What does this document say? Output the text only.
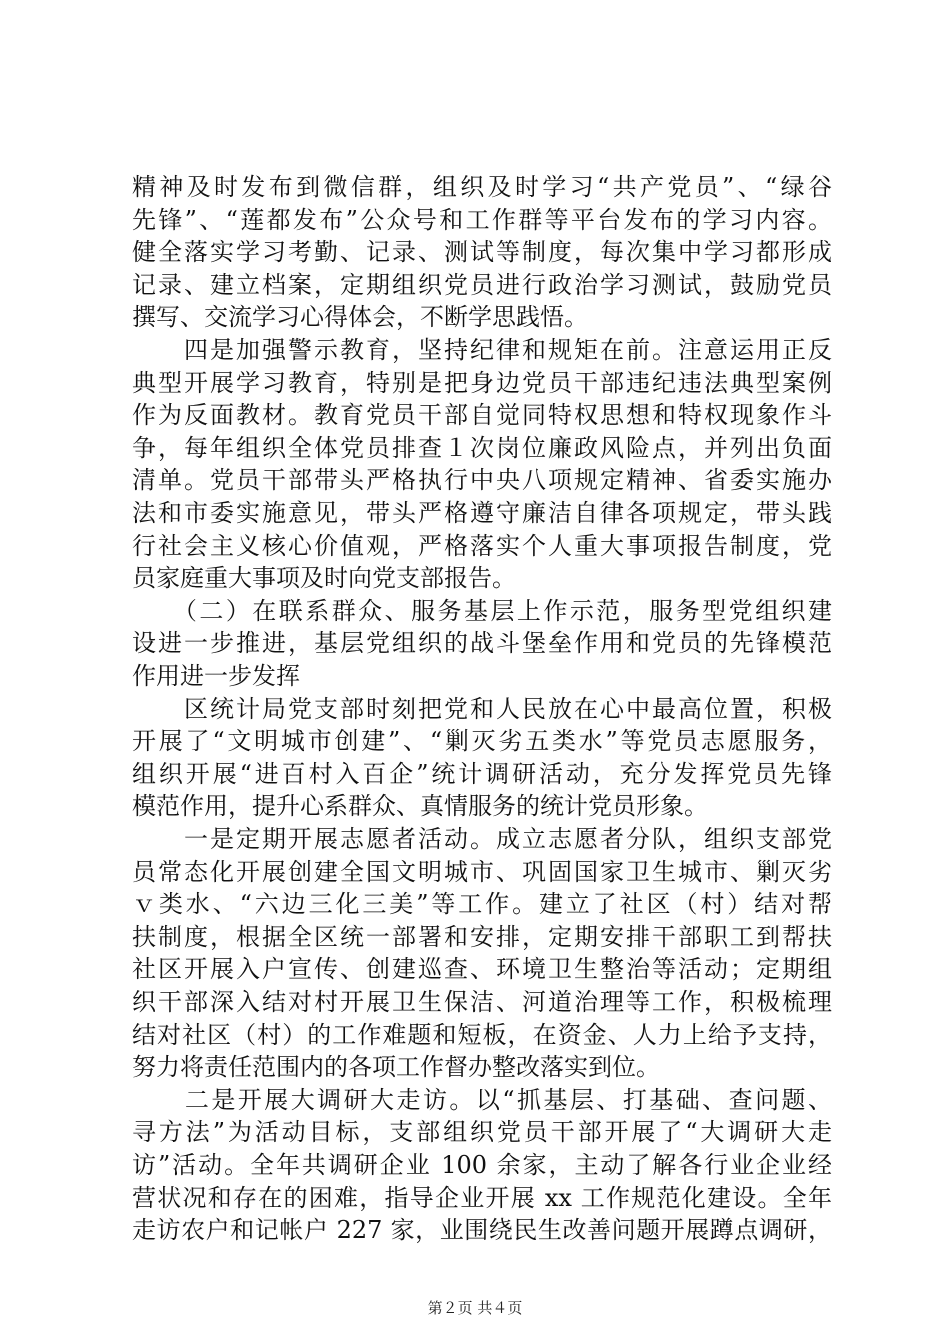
精神及时发布到微信群，组织及时学习“共产党员”、“绿谷
先锋”、“莲都发布”公众号和工作群等平台发布的学习内容。
健全落实学习考勤、记录、测试等制度，每次集中学习都形成
记录、建立档案，定期组织党员进行政治学习测试，鼓励党员
撰写、交流学习心得体会，不断学思践悟。
　　四是加强警示教育，坚持纪律和规矩在前。注意运用正反
典型开展学习教育，特别是把身边党员干部违纪违法典型案例
作为反面教材。教育党员干部自觉同特权思想和特权现象作斗
争，每年组织全体党员排查１次岗位廉政风险点，并列出负面
清单。党员干部带头严格执行中央八项规定精神、省委实施办
法和市委实施意见，带头严格遵守廉洁自律各项规定，带头践
行社会主义核心价值观，严格落实个人重大事项报告制度，党
员家庭重大事项及时向党支部报告。
　　（二）在联系群众、服务基层上作示范，服务型党组织建
设进一步推进，基层党组织的战斗堡垒作用和党员的先锋模范
作用进一步发挥
　　区统计局党支部时刻把党和人民放在心中最高位置，积极
开展了“文明城市创建”、“剿灭劣五类水”等党员志愿服务，
组织开展“进百村入百企”统计调研活动，充分发挥党员先锋
模范作用，提升心系群众、真情服务的统计党员形象。
　　一是定期开展志愿者活动。成立志愿者分队，组织支部党
员常态化开展创建全国文明城市、巩固国家卫生城市、剿灭劣
ｖ类水、“六边三化三美”等工作。建立了社区（村）结对帮
扶制度，根据全区统一部署和安排，定期安排干部职工到帮扶
社区开展入户宣传、创建巡查、环境卫生整治等活动；定期组
织干部深入结对村开展卫生保洁、河道治理等工作，积极梳理
结对社区（村）的工作难题和短板，在资金、人力上给予支持，
努力将责任范围内的各项工作督办整改落实到位。
　　二是开展大调研大走访。以“抓基层、打基础、查问题、
寻方法”为活动目标，支部组织党员干部开展了“大调研大走
访”活动。全年共调研企业 100 余家，主动了解各行业企业经
营状况和存在的困难，指导企业开展 xx 工作规范化建设。全年
走访农户和记帐户 227 家，业围绕民生改善问题开展蹲点调研，
第２页 共４页
